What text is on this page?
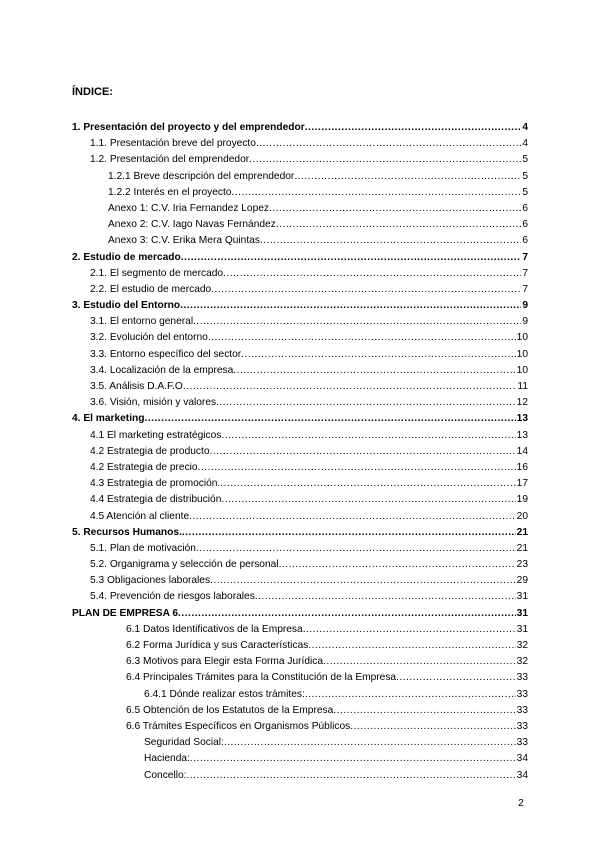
ÍNDICE:
1. Presentación del proyecto y del emprendedor .....	4
1.1. Presentación breve del proyecto .....	4
1.2. Presentación del emprendedor .....	5
1.2.1 Breve descripción del emprendedor .....	5
1.2.2 Interés en el proyecto .....	5
Anexo 1: C.V. Iria Fernandez Lopez .....	6
Anexo 2: C.V. Iago Navas Fernández .....	6
Anexo 3: C.V. Erika Mera Quintas .....	6
2. Estudio de mercado .....	7
2.1. El segmento de mercado .....	7
2.2. El estudio de mercado .....	7
3. Estudio del Entorno .....	9
3.1. El entorno general .....	9
3.2. Evolución del entorno .....	10
3.3. Entorno específico del sector .....	10
3.4. Localización de la empresa .....	10
3.5. Análisis D.A.F.O .....	11
3.6. Visión, misión y valores .....	12
4. El marketing .....	13
4.1 El marketing estratégicos .....	13
4.2 Estrategia de producto .....	14
4.2 Estrategia de precio .....	16
4.3 Estrategia de promoción. .....	17
4.4 Estrategia de distribución .....	19
4.5 Atención al cliente .....	20
5. Recursos Humanos. .....	21
5.1. Plan de motivación .....	21
5.2. Organigrama y selección de personal .....	23
5.3 Obligaciones laborales .....	29
5.4. Prevención de riesgos laborales .....	31
PLAN DE EMPRESA 6 .....	31
6.1 Datos Identificativos de la Empresa .....	31
6.2 Forma Jurídica y sus Características .....	32
6.3 Motivos para Elegir esta Forma Jurídica .....	32
6.4 Principales Trámites para la Constitución de la Empresa .....	33
6.4.1 Dónde realizar estos trámites: .....	33
6.5 Obtención de los Estatutos de la Empresa .....	33
6.6 Trámites Específicos en Organismos Públicos .....	33
Seguridad Social: .....	33
Hacienda: .....	34
Concello: .....	34
2
